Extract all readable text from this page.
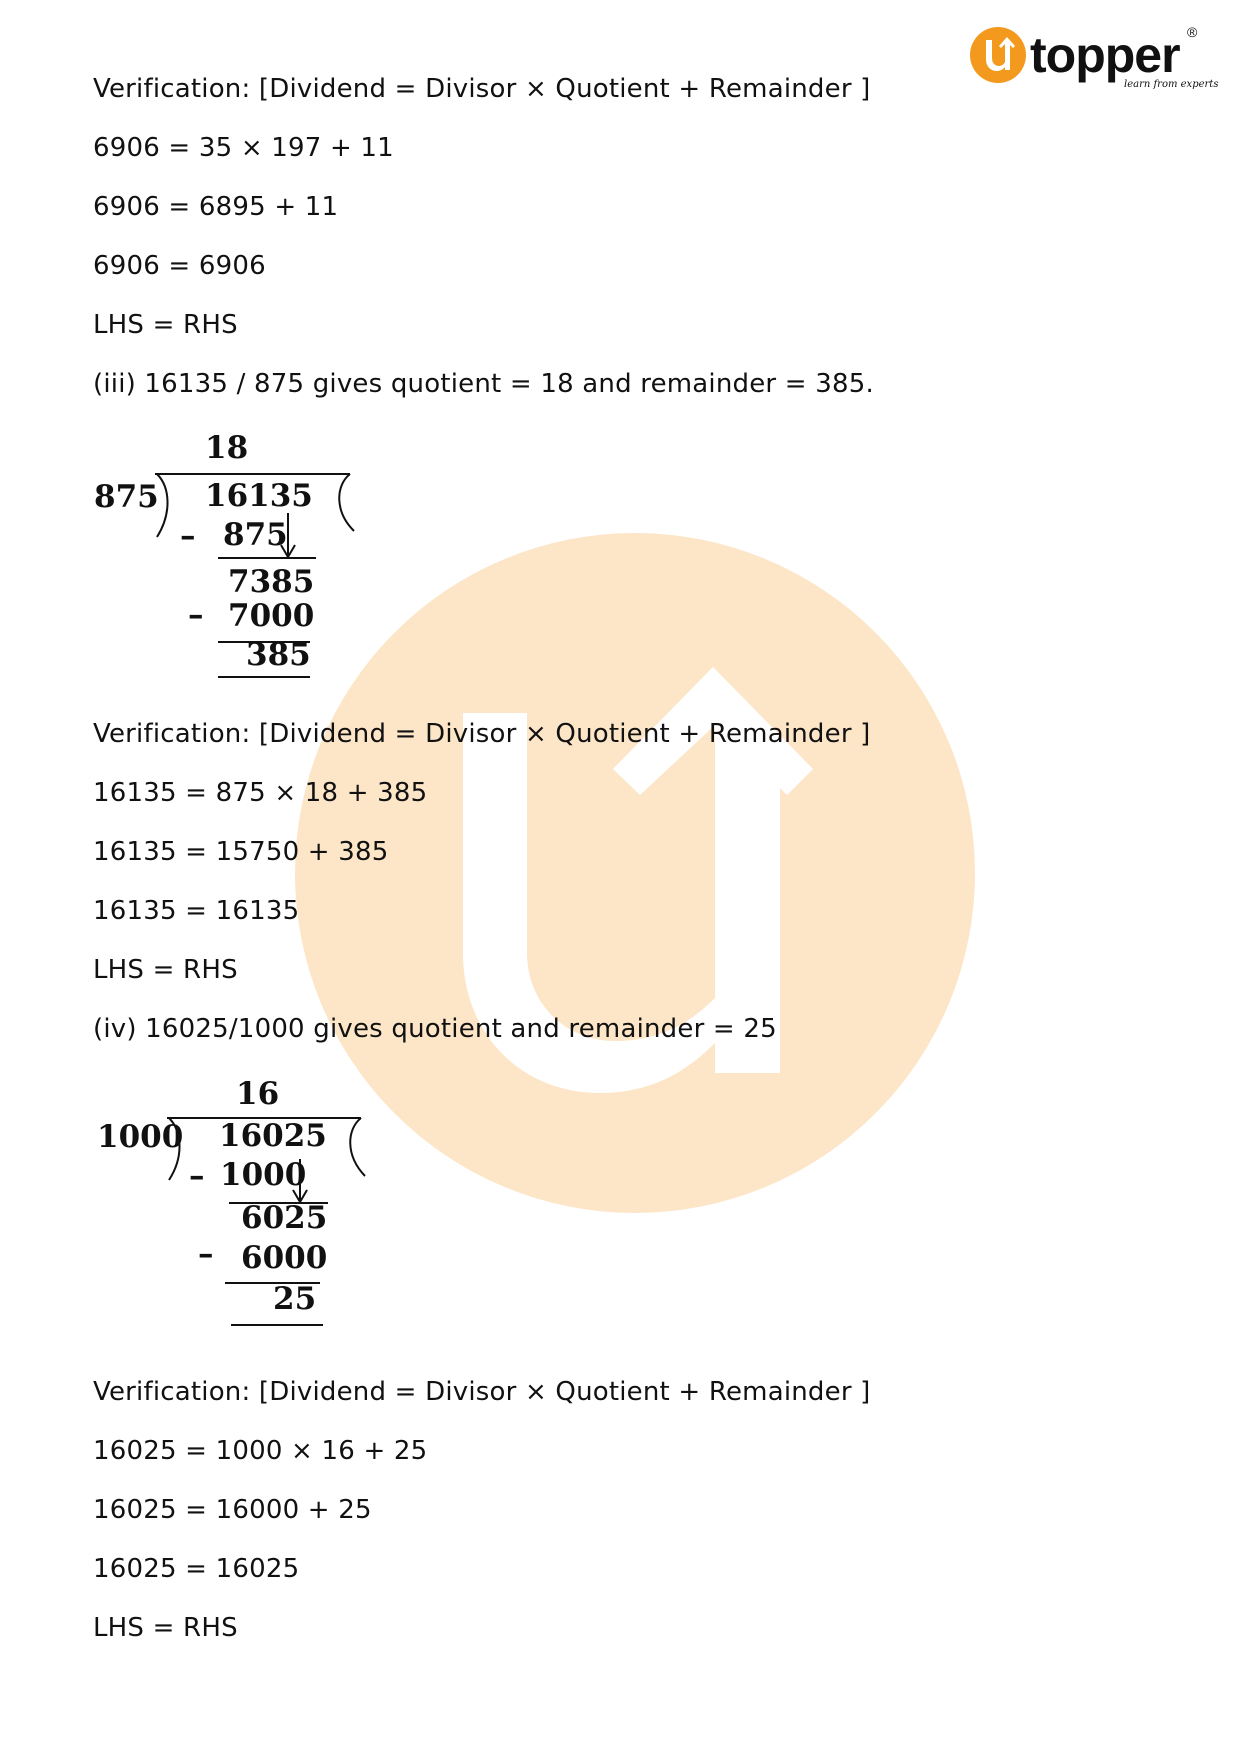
topper
learn from experts
®
Verification: [Dividend = Divisor × Quotient + Remainder ]
6906 = 35 × 197 + 11
6906 = 6895 + 11
6906 = 6906
LHS = RHS
(iii) 16135 / 875 gives quotient = 18 and remainder = 385.
18
875 16135
– 875
7385
– 7000
385
Verification: [Dividend = Divisor × Quotient + Remainder ]
16135 = 875 × 18 + 385
16135 = 15750 + 385
16135 = 16135
LHS = RHS
(iv) 16025/1000 gives quotient and remainder = 25
16
1000 16025
– 1000
6025
– 6000
25
Verification: [Dividend = Divisor × Quotient + Remainder ]
16025 = 1000 × 16 + 25
16025 = 16000 + 25
16025 = 16025
LHS = RHS
